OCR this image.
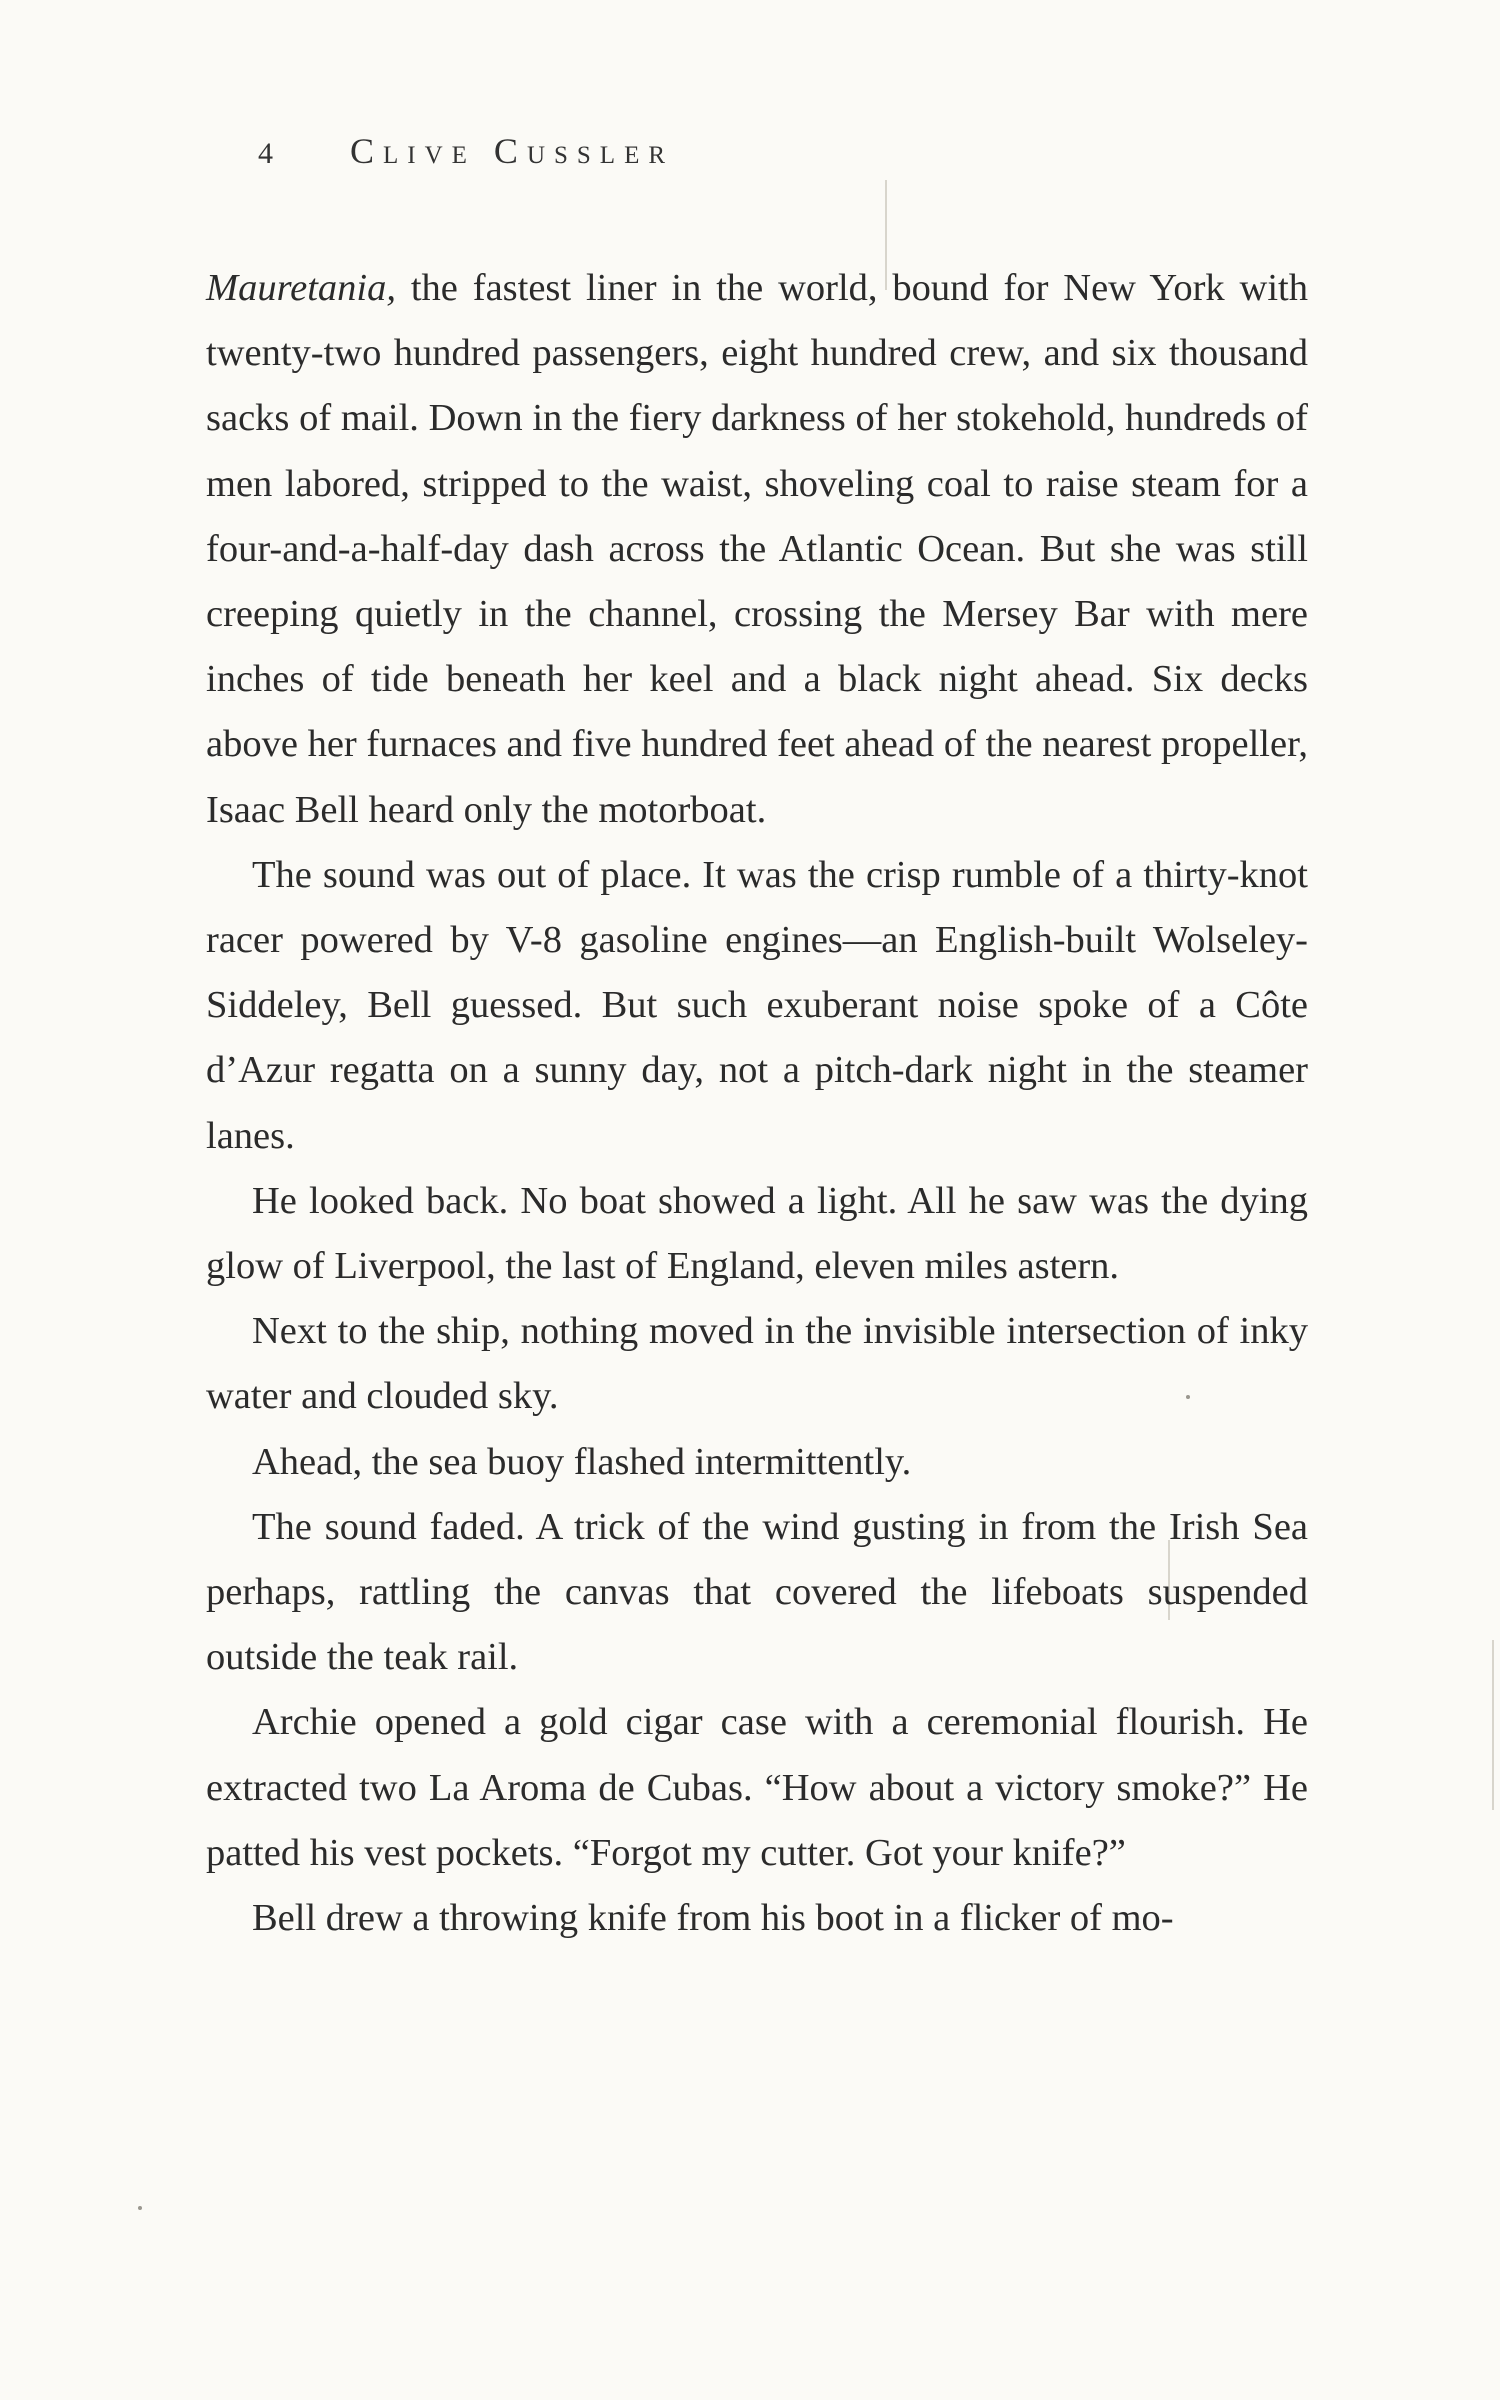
4 Clive Cussler

Mauretania, the fastest liner in the world, bound for New York with twenty-two hundred passengers, eight hundred crew, and six thousand sacks of mail. Down in the fiery darkness of her stokehold, hundreds of men labored, stripped to the waist, shoveling coal to raise steam for a four-and-a-half-day dash across the Atlantic Ocean. But she was still creeping quietly in the channel, crossing the Mersey Bar with mere inches of tide beneath her keel and a black night ahead. Six decks above her furnaces and five hundred feet ahead of the nearest propeller, Isaac Bell heard only the motorboat.

The sound was out of place. It was the crisp rumble of a thirty-knot racer powered by V-8 gasoline engines—an English-built Wolseley-Siddeley, Bell guessed. But such exuberant noise spoke of a Côte d’Azur regatta on a sunny day, not a pitch-dark night in the steamer lanes.

He looked back. No boat showed a light. All he saw was the dying glow of Liverpool, the last of England, eleven miles astern.

Next to the ship, nothing moved in the invisible intersection of inky water and clouded sky.

Ahead, the sea buoy flashed intermittently.

The sound faded. A trick of the wind gusting in from the Irish Sea perhaps, rattling the canvas that covered the lifeboats suspended outside the teak rail.

Archie opened a gold cigar case with a ceremonial flourish. He extracted two La Aroma de Cubas. “How about a victory smoke?” He patted his vest pockets. “Forgot my cutter. Got your knife?”

Bell drew a throwing knife from his boot in a flicker of mo-
